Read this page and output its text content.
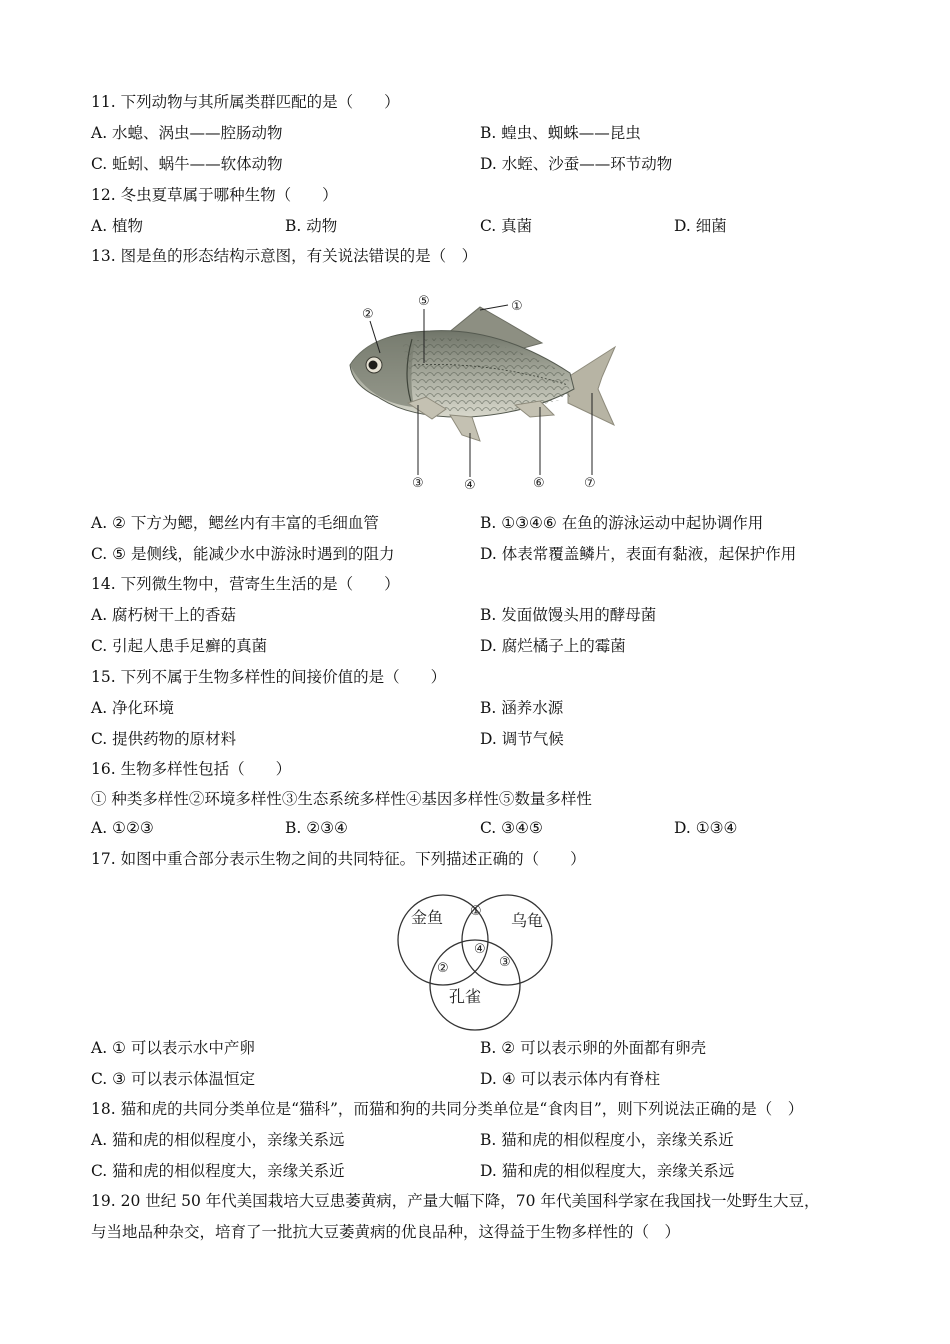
11. 下列动物与其所属类群匹配的是（　　）
A. 水螅、涡虫——腔肠动物	B. 蝗虫、蜘蛛——昆虫
C. 蚯蚓、蜗牛——软体动物	D. 水蛭、沙蚕——环节动物
12. 冬虫夏草属于哪种生物（　　）
A. 植物	B. 动物	C. 真菌	D. 细菌
13. 图是鱼的形态结构示意图，有关说法错误的是（　）
①
②
③	④
⑤
⑥	⑦
A. ② 下方为鳃，鳃丝内有丰富的毛细血管	B. ①③④⑥ 在鱼的游泳运动中起协调作用
C. ⑤ 是侧线，能减少水中游泳时遇到的阻力	D. 体表常覆盖鳞片，表面有黏液，起保护作用
14. 下列微生物中，营寄生生活的是（　　）
A. 腐朽树干上的香菇	B. 发面做馒头用的酵母菌
C. 引起人患手足癣的真菌	D. 腐烂橘子上的霉菌
15. 下列不属于生物多样性的间接价值的是（　　）
A. 净化环境	B. 涵养水源
C. 提供药物的原材料	D. 调节气候
16. 生物多样性包括（　　）
① 种类多样性②环境多样性③生态系统多样性④基因多样性⑤数量多样性
A. ①②③	B. ②③④	C. ③④⑤	D. ①③④
17. 如图中重合部分表示生物之间的共同特征。下列描述正确的（　　）
金鱼	乌龟
孔雀
①
②	③
④
A. ① 可以表示水中产卵	B. ② 可以表示卵的外面都有卵壳
C. ③ 可以表示体温恒定	D. ④ 可以表示体内有脊柱
18. 猫和虎的共同分类单位是“猫科”，而猫和狗的共同分类单位是“食肉目”，则下列说法正确的是（　）
A. 猫和虎的相似程度小，亲缘关系远	B. 猫和虎的相似程度小，亲缘关系近
C. 猫和虎的相似程度大，亲缘关系近	D. 猫和虎的相似程度大，亲缘关系远
19. 20 世纪 50 年代美国栽培大豆患萎黄病，产量大幅下降，70 年代美国科学家在我国找一处野生大豆，
与当地品种杂交，培育了一批抗大豆萎黄病的优良品种，这得益于生物多样性的（　）
